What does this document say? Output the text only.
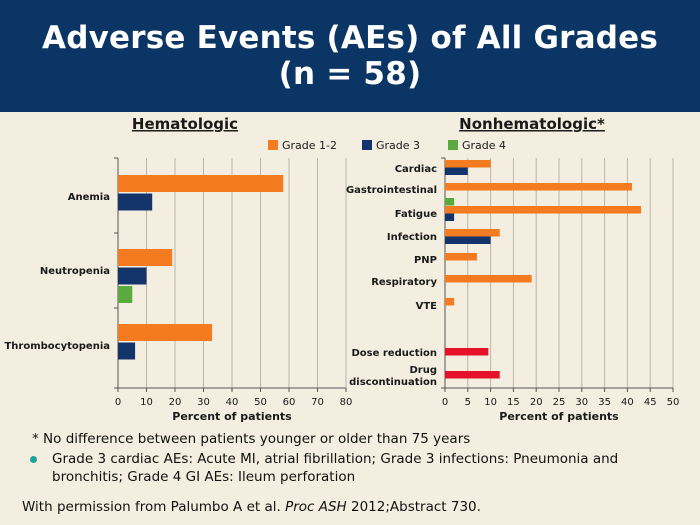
Adverse Events (AEs) of All Grades
(n = 58)
Hematologic	Nonhematologic*
Grade 1-2	Grade 3	Grade 4
0 10 20 30 40 50 60 70 80
Anemia
Neutropenia
Thrombocytopenia
Percent of patients
0 5 10 15 20 25 30 35 40 45 50
Cardiac
Gastrointestinal
Fatigue
Infection
PNP
Respiratory
VTE
Dose reduction
Drug
discontinuation
Percent of patients
* No difference between patients younger or older than 75 years
Grade 3 cardiac AEs: Acute MI, atrial fibrillation; Grade 3 infections: Pneumonia and bronchitis; Grade 4 GI AEs: Ileum perforation
With permission from Palumbo A et al. Proc ASH 2012;Abstract 730.
